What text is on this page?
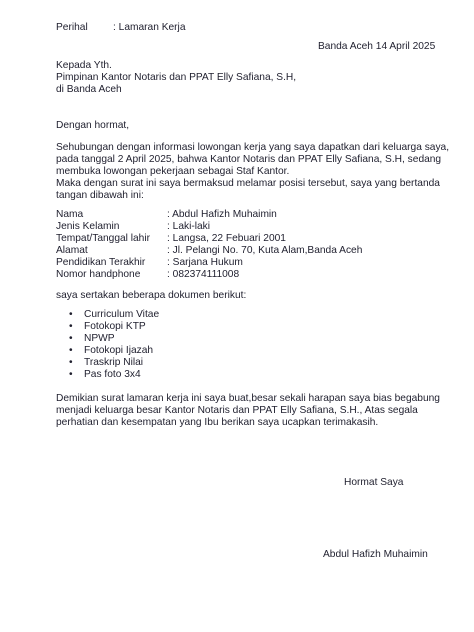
Perihal : Lamaran Kerja
Banda Aceh 14 April 2025
Kepada Yth.
Pimpinan Kantor Notaris dan PPAT Elly Safiana, S.H,
di Banda Aceh
Dengan hormat,
Sehubungan dengan informasi lowongan kerja yang saya dapatkan dari keluarga saya,
pada tanggal 2 April 2025, bahwa Kantor Notaris dan PPAT Elly Safiana, S.H, sedang
membuka lowongan pekerjaan sebagai Staf Kantor.
Maka dengan surat ini saya bermaksud melamar posisi tersebut, saya yang bertanda
tangan dibawah ini:
Nama	: Abdul Hafizh Muhaimin
Jenis Kelamin	: Laki-laki
Tempat/Tanggal lahir : Langsa, 22 Febuari 2001
Alamat	: Jl. Pelangi No. 70, Kuta Alam,Banda Aceh
Pendidikan Terakhir : Sarjana Hukum
Nomor handphone	: 082374111008
saya sertakan beberapa dokumen berikut:
• Curriculum Vitae
• Fotokopi KTP
• NPWP
• Fotokopi Ijazah
• Traskrip Nilai
• Pas foto 3x4
Demikian surat lamaran kerja ini saya buat,besar sekali harapan saya bias begabung
menjadi keluarga besar Kantor Notaris dan PPAT Elly Safiana, S.H., Atas segala
perhatian dan kesempatan yang Ibu berikan saya ucapkan terimakasih.
Hormat Saya
Abdul Hafizh Muhaimin
